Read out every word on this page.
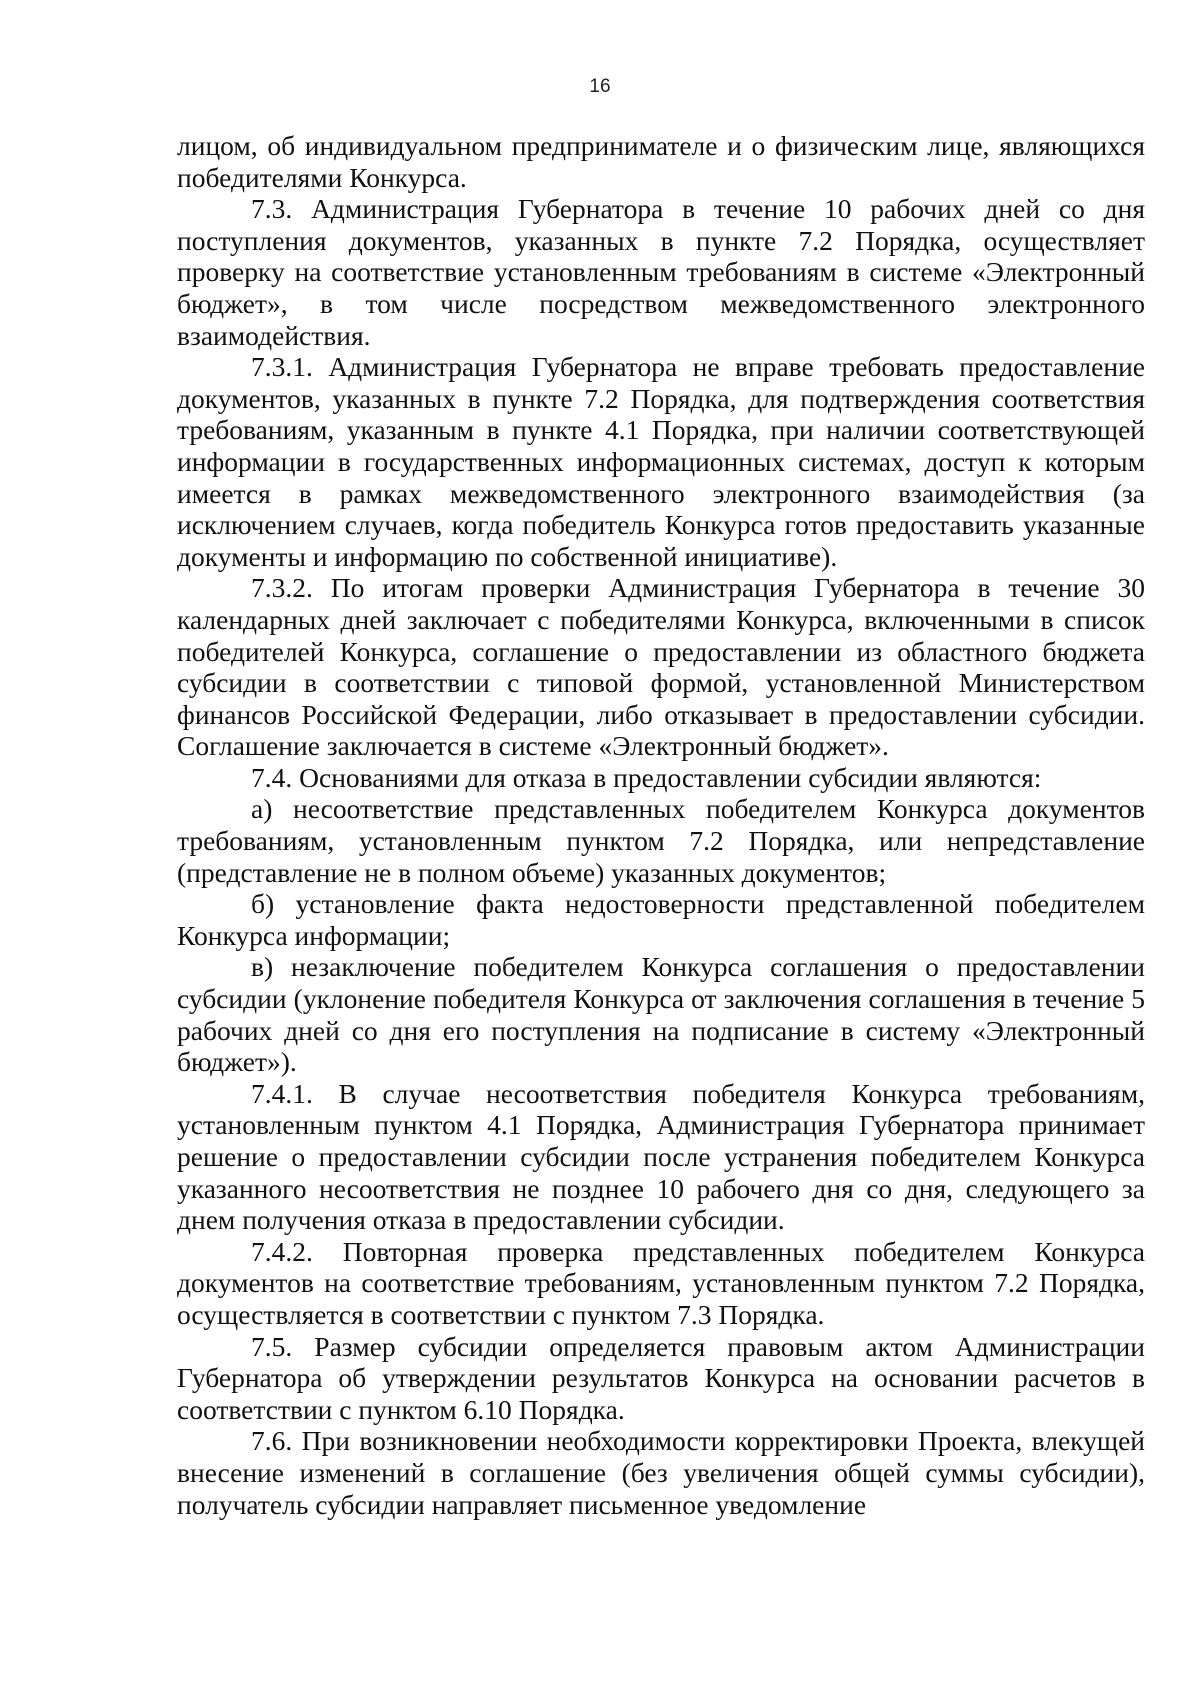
16

лицом, об индивидуальном предпринимателе и о физическим лице, являющихся победителями Конкурса.

7.3. Администрация Губернатора в течение 10 рабочих дней со дня поступления документов, указанных в пункте 7.2 Порядка, осуществляет проверку на соответствие установленным требованиям в системе «Электронный бюджет», в том числе посредством межведомственного электронного взаимодействия.

7.3.1. Администрация Губернатора не вправе требовать предоставление документов, указанных в пункте 7.2 Порядка, для подтверждения соответствия требованиям, указанным в пункте 4.1 Порядка, при наличии соответствующей информации в государственных информационных системах, доступ к которым имеется в рамках межведомственного электронного взаимодействия (за исключением случаев, когда победитель Конкурса готов предоставить указанные документы и информацию по собственной инициативе).

7.3.2. По итогам проверки Администрация Губернатора в течение 30 календарных дней заключает с победителями Конкурса, включенными в список победителей Конкурса, соглашение о предоставлении из областного бюджета субсидии в соответствии с типовой формой, установленной Министерством финансов Российской Федерации, либо отказывает в предоставлении субсидии. Соглашение заключается в системе «Электронный бюджет».

7.4. Основаниями для отказа в предоставлении субсидии являются:

а) несоответствие представленных победителем Конкурса документов требованиям, установленным пунктом 7.2 Порядка, или непредставление (представление не в полном объеме) указанных документов;

б) установление факта недостоверности представленной победителем Конкурса информации;

в) незаключение победителем Конкурса соглашения о предоставлении субсидии (уклонение победителя Конкурса от заключения соглашения в течение 5 рабочих дней со дня его поступления на подписание в систему «Электронный бюджет»).

7.4.1. В случае несоответствия победителя Конкурса требованиям, установленным пунктом 4.1 Порядка, Администрация Губернатора принимает решение о предоставлении субсидии после устранения победителем Конкурса указанного несоответствия не позднее 10 рабочего дня со дня, следующего за днем получения отказа в предоставлении субсидии.

7.4.2. Повторная проверка представленных победителем Конкурса документов на соответствие требованиям, установленным пунктом 7.2 Порядка, осуществляется в соответствии с пунктом 7.3 Порядка.

7.5. Размер субсидии определяется правовым актом Администрации Губернатора об утверждении результатов Конкурса на основании расчетов в соответствии с пунктом 6.10 Порядка.

7.6. При возникновении необходимости корректировки Проекта, влекущей внесение изменений в соглашение (без увеличения общей суммы субсидии), получатель субсидии направляет письменное уведомление
